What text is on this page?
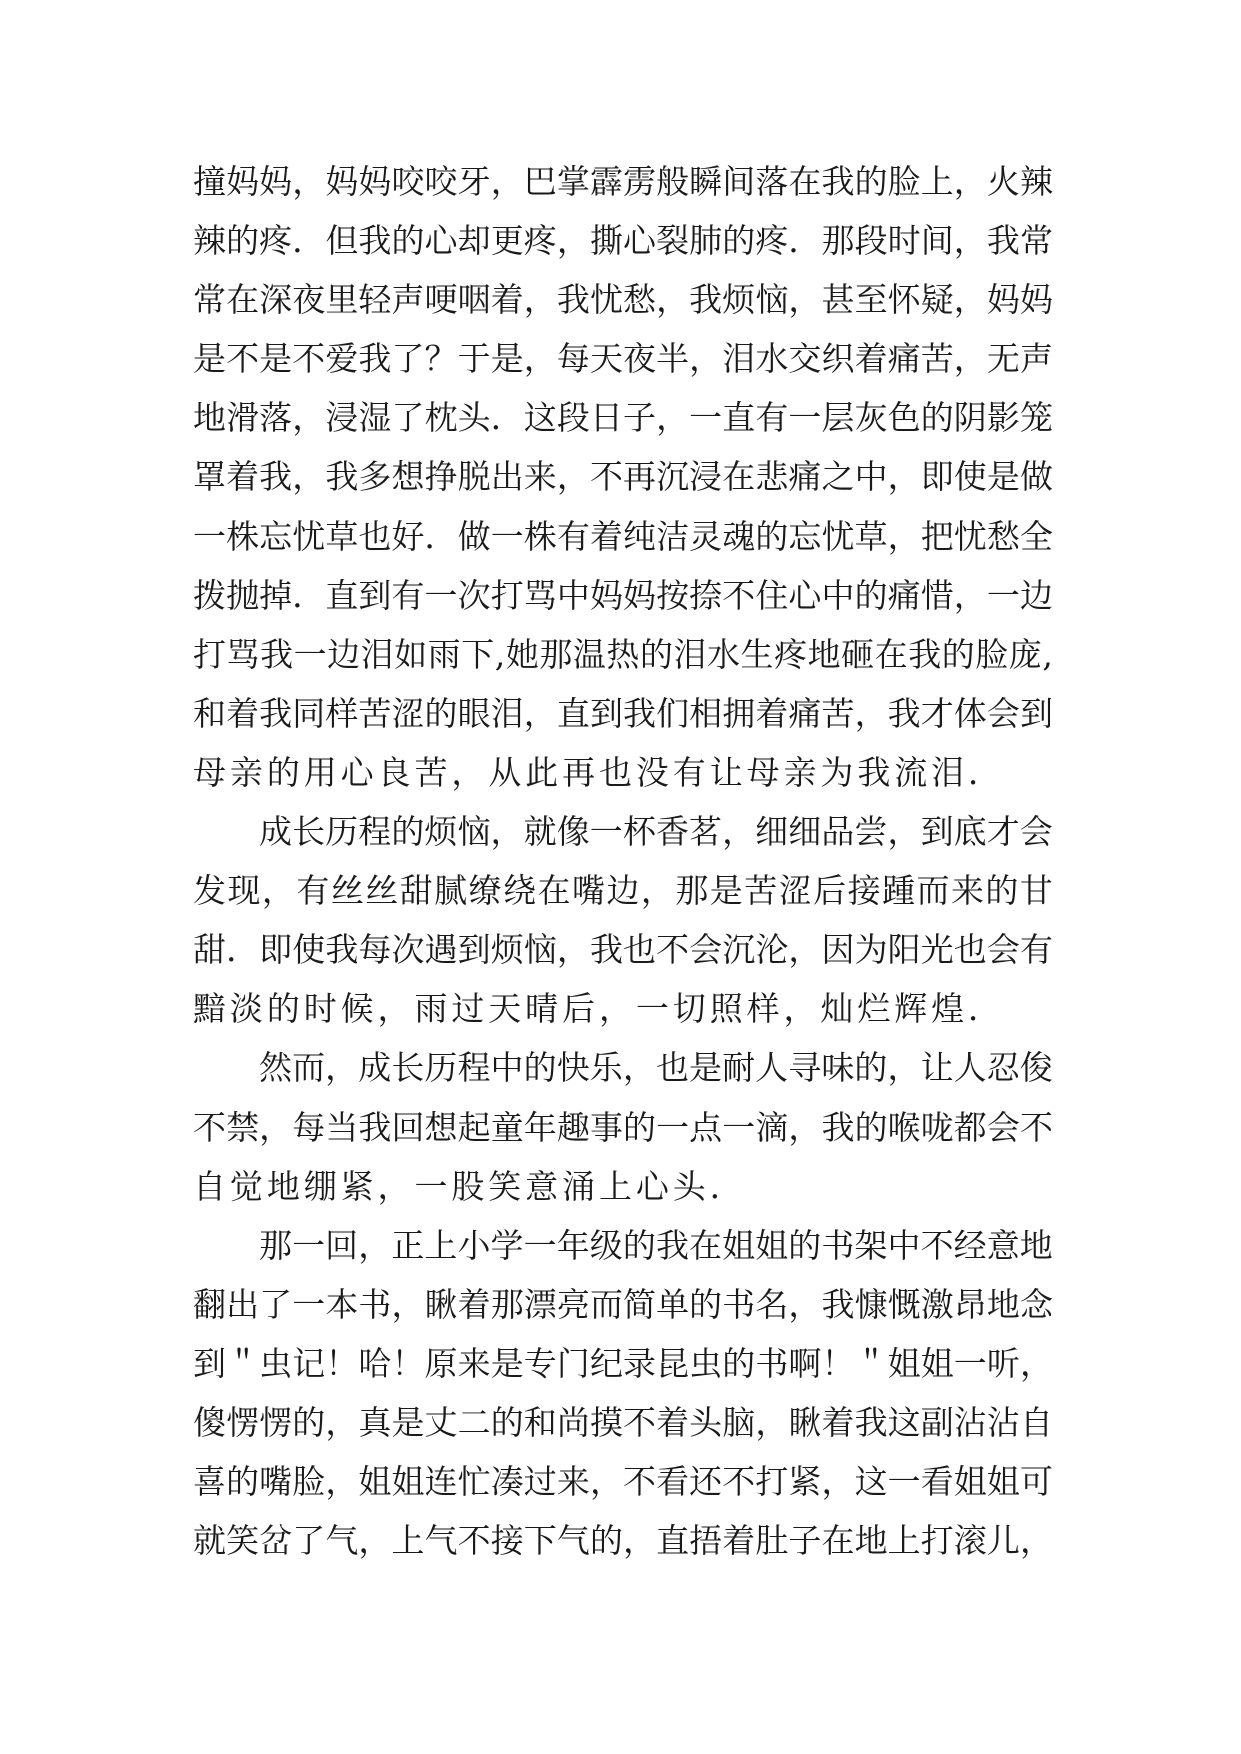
撞 妈 妈 ， 妈 妈 咬 咬 牙 ， 巴 掌 霹 雳 般 瞬 间 落 在 我 的 脸 上 ， 火 辣
辣 的 疼 ． 但 我 的 心 却 更 疼 ， 撕 心 裂 肺 的 疼 ． 那 段 时 间 ， 我 常
常 在 深 夜 里 轻 声 哽 咽 着 ， 我 忧 愁 ， 我 烦 恼 ， 甚 至 怀 疑 ， 妈 妈
是 不 是 不 爱 我 了 ？ 于 是 ， 每 天 夜 半 ， 泪 水 交 织 着 痛 苦 ， 无 声
地 滑 落 ， 浸 湿 了 枕 头 ． 这 段 日 子 ， 一 直 有 一 层 灰 色 的 阴 影 笼
罩 着 我 ， 我 多 想 挣 脱 出 来 ， 不 再 沉 浸 在 悲 痛 之 中 ， 即 使 是 做
一 株 忘 忧 草 也 好 ． 做 一 株 有 着 纯 洁 灵 魂 的 忘 忧 草 ， 把 忧 愁 全
拨 抛 掉 ． 直 到 有 一 次 打 骂 中 妈 妈 按 捺 不 住 心 中 的 痛 惜 ， 一 边
打 骂 我 一 边 泪 如 雨 下 , 她 那 温 热 的 泪 水 生 疼 地 砸 在 我 的 脸 庞 ,
和 着 我 同 样 苦 涩 的 眼 泪 ， 直 到 我 们 相 拥 着 痛 苦 ， 我 才 体 会 到
母 亲 的 用 心 良 苦 ， 从 此 再 也 没 有 让 母 亲 为 我 流 泪 ．
成 长 历 程 的 烦 恼 ， 就 像 一 杯 香 茗 ， 细 细 品 尝 ， 到 底 才 会
发 现 ， 有 丝 丝 甜 腻 缭 绕 在 嘴 边 ， 那 是 苦 涩 后 接 踵 而 来 的 甘
甜 ． 即 使 我 每 次 遇 到 烦 恼 ， 我 也 不 会 沉 沦 ， 因 为 阳 光 也 会 有
黯 淡 的 时 候 ， 雨 过 天 晴 后 ， 一 切 照 样 ， 灿 烂 辉 煌 ．
然 而 ， 成 长 历 程 中 的 快 乐 ， 也 是 耐 人 寻 味 的 ， 让 人 忍 俊
不 禁 ， 每 当 我 回 想 起 童 年 趣 事 的 一 点 一 滴 ， 我 的 喉 咙 都 会 不
自 觉 地 绷 紧 ， 一 股 笑 意 涌 上 心 头 ．
那 一 回 ， 正 上 小 学 一 年 级 的 我 在 姐 姐 的 书 架 中 不 经 意 地
翻 出 了 一 本 书 ， 瞅 着 那 漂 亮 而 简 单 的 书 名 ， 我 慷 慨 激 昂 地 念
到 ＂ 虫 记 ！ 哈 ！ 原 来 是 专 门 纪 录 昆 虫 的 书 啊 ！ ＂ 姐 姐 一 听 ，
傻 愣 愣 的 ， 真 是 丈 二 的 和 尚 摸 不 着 头 脑 ， 瞅 着 我 这 副 沾 沾 自
喜 的 嘴 脸 ， 姐 姐 连 忙 凑 过 来 ， 不 看 还 不 打 紧 ， 这 一 看 姐 姐 可
就 笑 岔 了 气 ， 上 气 不 接 下 气 的 ， 直 捂 着 肚 子 在 地 上 打 滚 儿 ，
